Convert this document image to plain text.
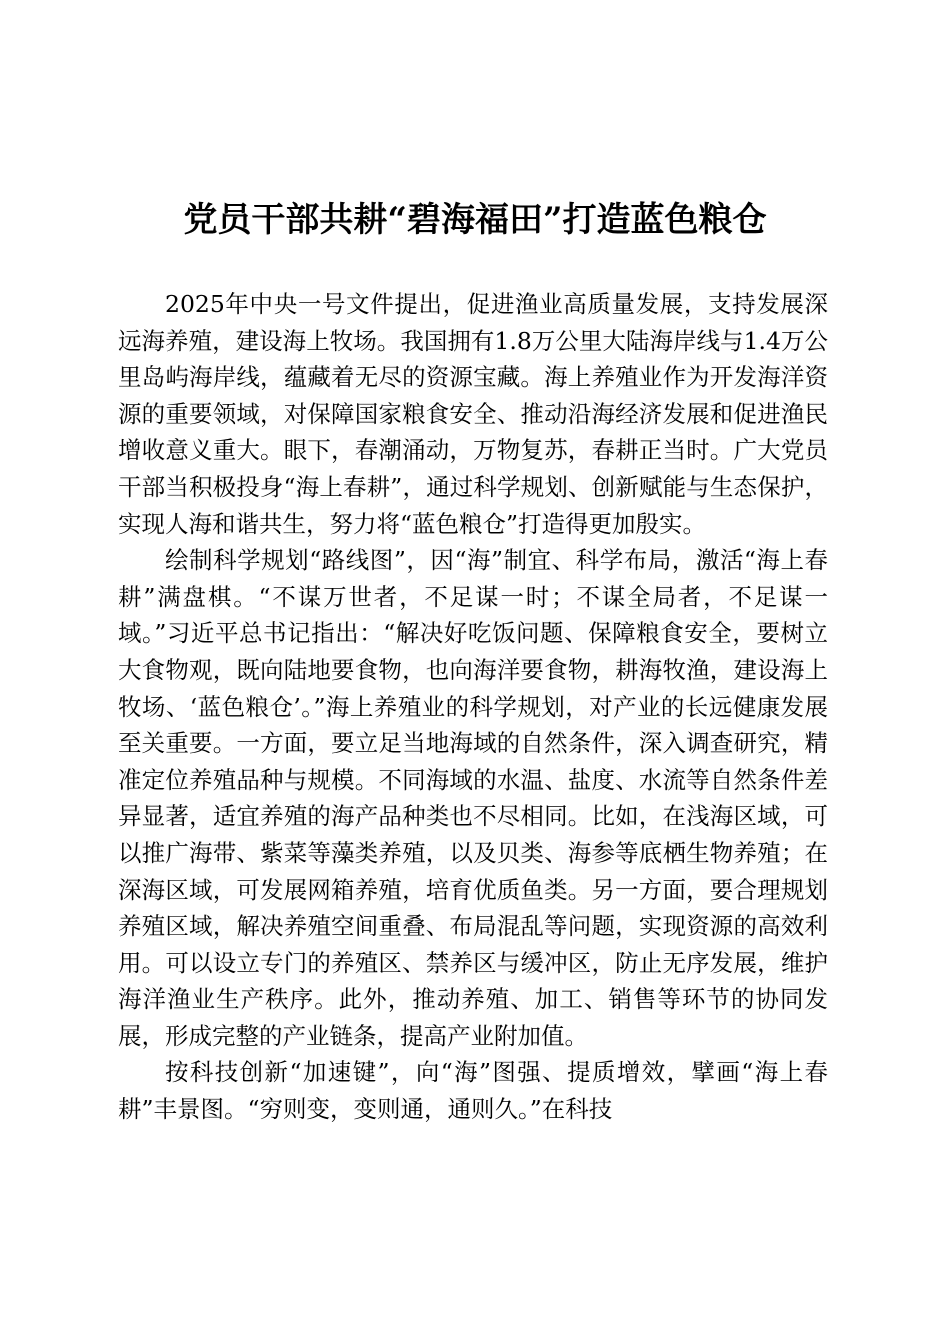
党员干部共耕“碧海福田”打造蓝色粮仓

2025年中央一号文件提出，促进渔业高质量发展，支持发展深远海养殖，建设海上牧场。我国拥有1.8万公里大陆海岸线与1.4万公里岛屿海岸线，蕴藏着无尽的资源宝藏。海上养殖业作为开发海洋资源的重要领域，对保障国家粮食安全、推动沿海经济发展和促进渔民增收意义重大。眼下，春潮涌动，万物复苏，春耕正当时。广大党员干部当积极投身“海上春耕”，通过科学规划、创新赋能与生态保护，实现人海和谐共生，努力将“蓝色粮仓”打造得更加殷实。

绘制科学规划“路线图”，因“海”制宜、科学布局，激活“海上春耕”满盘棋。“不谋万世者，不足谋一时；不谋全局者，不足谋一域。”习近平总书记指出：“解决好吃饭问题、保障粮食安全，要树立大食物观，既向陆地要食物，也向海洋要食物，耕海牧渔，建设海上牧场、‘蓝色粮仓’。”海上养殖业的科学规划，对产业的长远健康发展至关重要。一方面，要立足当地海域的自然条件，深入调查研究，精准定位养殖品种与规模。不同海域的水温、盐度、水流等自然条件差异显著，适宜养殖的海产品种类也不尽相同。比如，在浅海区域，可以推广海带、紫菜等藻类养殖，以及贝类、海参等底栖生物养殖；在深海区域，可发展网箱养殖，培育优质鱼类。另一方面，要合理规划养殖区域，解决养殖空间重叠、布局混乱等问题，实现资源的高效利用。可以设立专门的养殖区、禁养区与缓冲区，防止无序发展，维护海洋渔业生产秩序。此外，推动养殖、加工、销售等环节的协同发展，形成完整的产业链条，提高产业附加值。

按科技创新“加速键”，向“海”图强、提质增效，擘画“海上春耕”丰景图。“穷则变，变则通，通则久。”在科技
